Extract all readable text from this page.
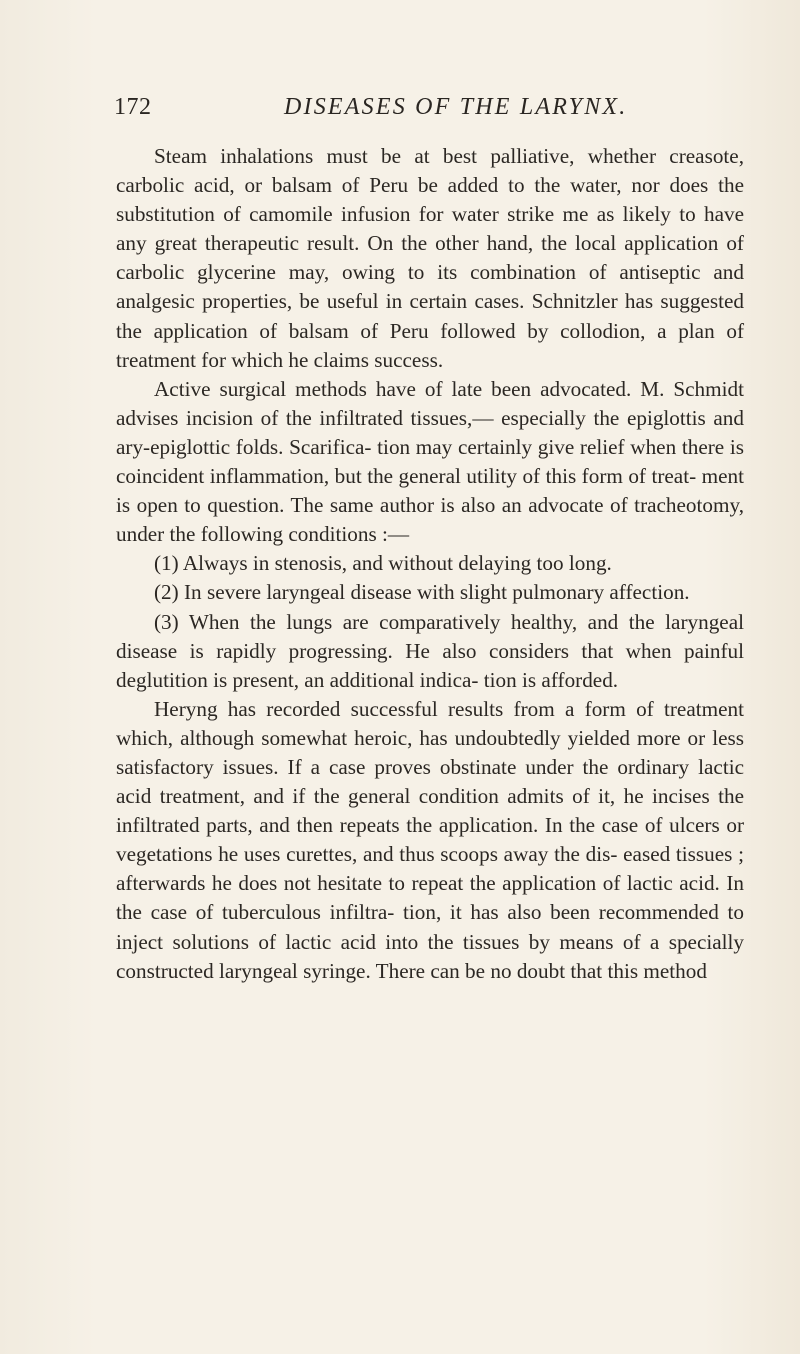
172	DISEASES OF THE LARYNX.

Steam inhalations must be at best palliative, whether creasote, carbolic acid, or balsam of Peru be added to the water, nor does the substitution of camomile infusion for water strike me as likely to have any great therapeutic result. On the other hand, the local application of carbolic glycerine may, owing to its combination of antiseptic and analgesic properties, be useful in certain cases. Schnitzler has suggested the application of balsam of Peru followed by collodion, a plan of treatment for which he claims success.

Active surgical methods have of late been advocated. M. Schmidt advises incision of the infiltrated tissues,— especially the epiglottis and ary-epiglottic folds. Scarifica- tion may certainly give relief when there is coincident inflammation, but the general utility of this form of treat- ment is open to question. The same author is also an advocate of tracheotomy, under the following conditions :—

(1) Always in stenosis, and without delaying too long.

(2) In severe laryngeal disease with slight pulmonary affection.

(3) When the lungs are comparatively healthy, and the laryngeal disease is rapidly progressing. He also considers that when painful deglutition is present, an additional indica- tion is afforded.

Heryng has recorded successful results from a form of treatment which, although somewhat heroic, has undoubtedly yielded more or less satisfactory issues. If a case proves obstinate under the ordinary lactic acid treatment, and if the general condition admits of it, he incises the infiltrated parts, and then repeats the application. In the case of ulcers or vegetations he uses curettes, and thus scoops away the dis- eased tissues ; afterwards he does not hesitate to repeat the application of lactic acid. In the case of tuberculous infiltra- tion, it has also been recommended to inject solutions of lactic acid into the tissues by means of a specially constructed laryngeal syringe. There can be no doubt that this method
